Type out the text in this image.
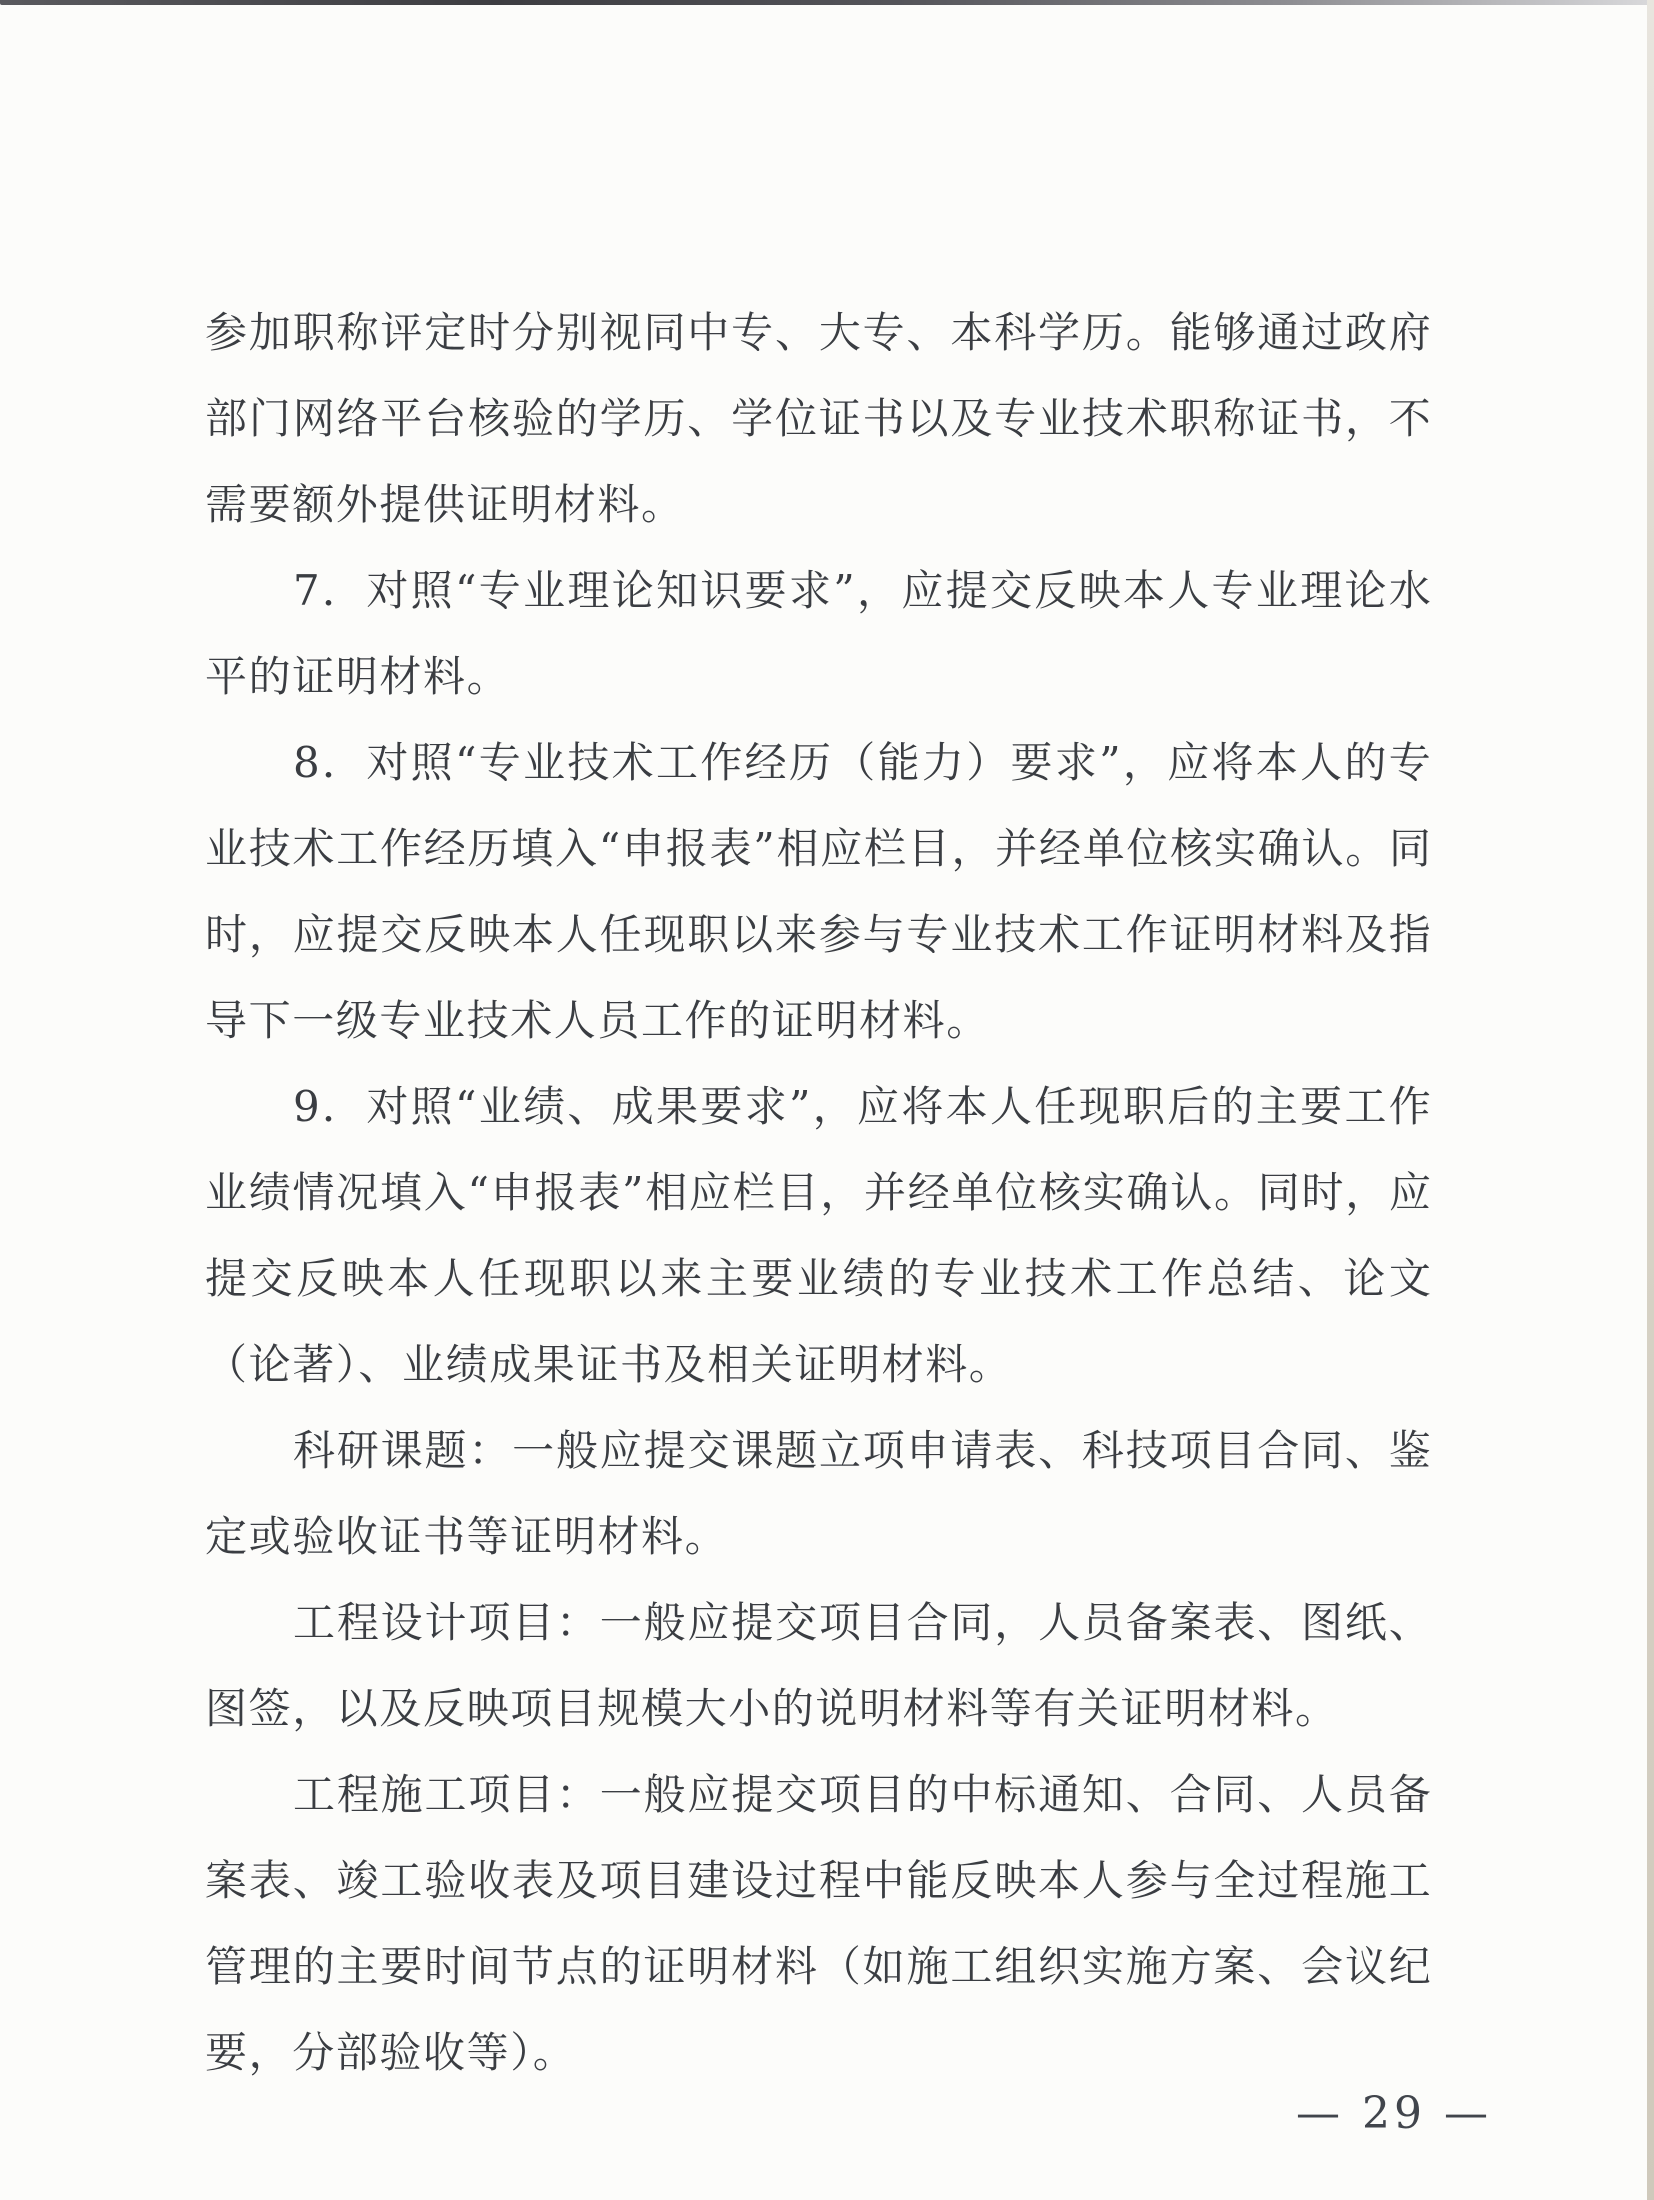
参 加 职 称 评 定 时 分 别 视 同 中 专 、 大 专 、 本 科 学 历 。 能 够 通 过 政 府
部 门 网 络 平 台 核 验 的 学 历 、 学 位 证 书 以 及 专 业 技 术 职 称 证 书 ， 不
需要额外提供证明材料。
7 ． 对 照 “ 专 业 理 论 知 识 要 求 ” ， 应 提 交 反 映 本 人 专 业 理 论 水
平的证明材料。
8 ． 对 照 “ 专 业 技 术 工 作 经 历 （ 能 力 ） 要 求 ” ， 应 将 本 人 的 专
业 技 术 工 作 经 历 填 入 “ 申 报 表 ” 相 应 栏 目 ， 并 经 单 位 核 实 确 认 。 同
时 ， 应 提 交 反 映 本 人 任 现 职 以 来 参 与 专 业 技 术 工 作 证 明 材 料 及 指
导下一级专业技术人员工作的证明材料。
9 ． 对 照 “ 业 绩 、 成 果 要 求 ” ， 应 将 本 人 任 现 职 后 的 主 要 工 作
业 绩 情 况 填 入 “ 申 报 表 ” 相 应 栏 目 ， 并 经 单 位 核 实 确 认 。 同 时 ， 应
提 交 反 映 本 人 任 现 职 以 来 主 要 业 绩 的 专 业 技 术 工 作 总 结 、 论 文
（论著）、业绩成果证书及相关证明材料。
科 研 课 题 ： 一 般 应 提 交 课 题 立 项 申 请 表 、 科 技 项 目 合 同 、 鉴
定或验收证书等证明材料。
工 程 设 计 项 目 ： 一 般 应 提 交 项 目 合 同 ， 人 员 备 案 表 、 图 纸 、
图签，以及反映项目规模大小的说明材料等有关证明材料。
工 程 施 工 项 目 ： 一 般 应 提 交 项 目 的 中 标 通 知 、 合 同 、 人 员 备
案 表 、 竣 工 验 收 表 及 项 目 建 设 过 程 中 能 反 映 本 人 参 与 全 过 程 施 工
管 理 的 主 要 时 间 节 点 的 证 明 材 料 （ 如 施 工 组 织 实 施 方 案 、 会 议 纪
要，分部验收等）。
— 29 —
